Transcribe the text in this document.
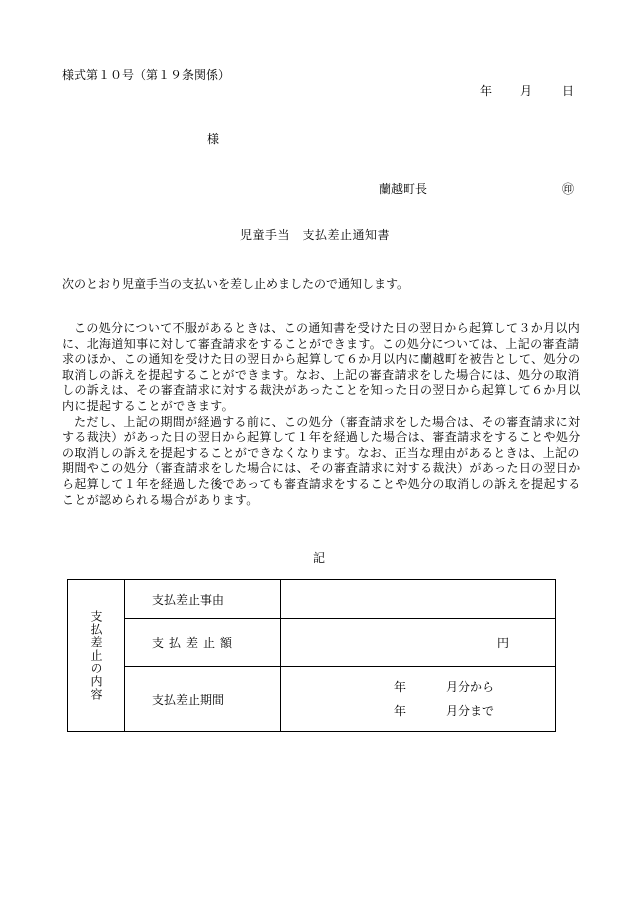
様式第１０号（第１９条関係）
年 月	日
様
蘭越町長	㊞
児童手当　支払差止通知書
次のとおり児童手当の支払いを差し止めましたので通知します。

この処分について不服があるときは、この通知書を受けた日の翌日から起算して３か月以内に、北海道知事に対して審査請求をすることができます。この処分については、上記の審査請求のほか、この通知を受けた日の翌日から起算して６か月以内に蘭越町を被告として、処分の取消しの訴えを提起することができます。なお、上記の審査請求をした場合には、処分の取消しの訴えは、その審査請求に対する裁決があったことを知った日の翌日から起算して６か月以内に提起することができます。

ただし、上記の期間が経過する前に、この処分（審査請求をした場合は、その審査請求に対する裁決）があった日の翌日から起算して１年を経過した場合は、審査請求をすることや処分の取消しの訴えを提起することができなくなります。なお、正当な理由があるときは、上記の期間やこの処分（審査請求をした場合には、その審査請求に対する裁決）があった日の翌日から起算して１年を経過した後であっても審査請求をすることや処分の取消しの訴えを提起することが認められる場合があります。

記
支払差止の内容	支払差止事由	
	支払差止額	円

	支払差止期間	年 月分から
年 月分まで
